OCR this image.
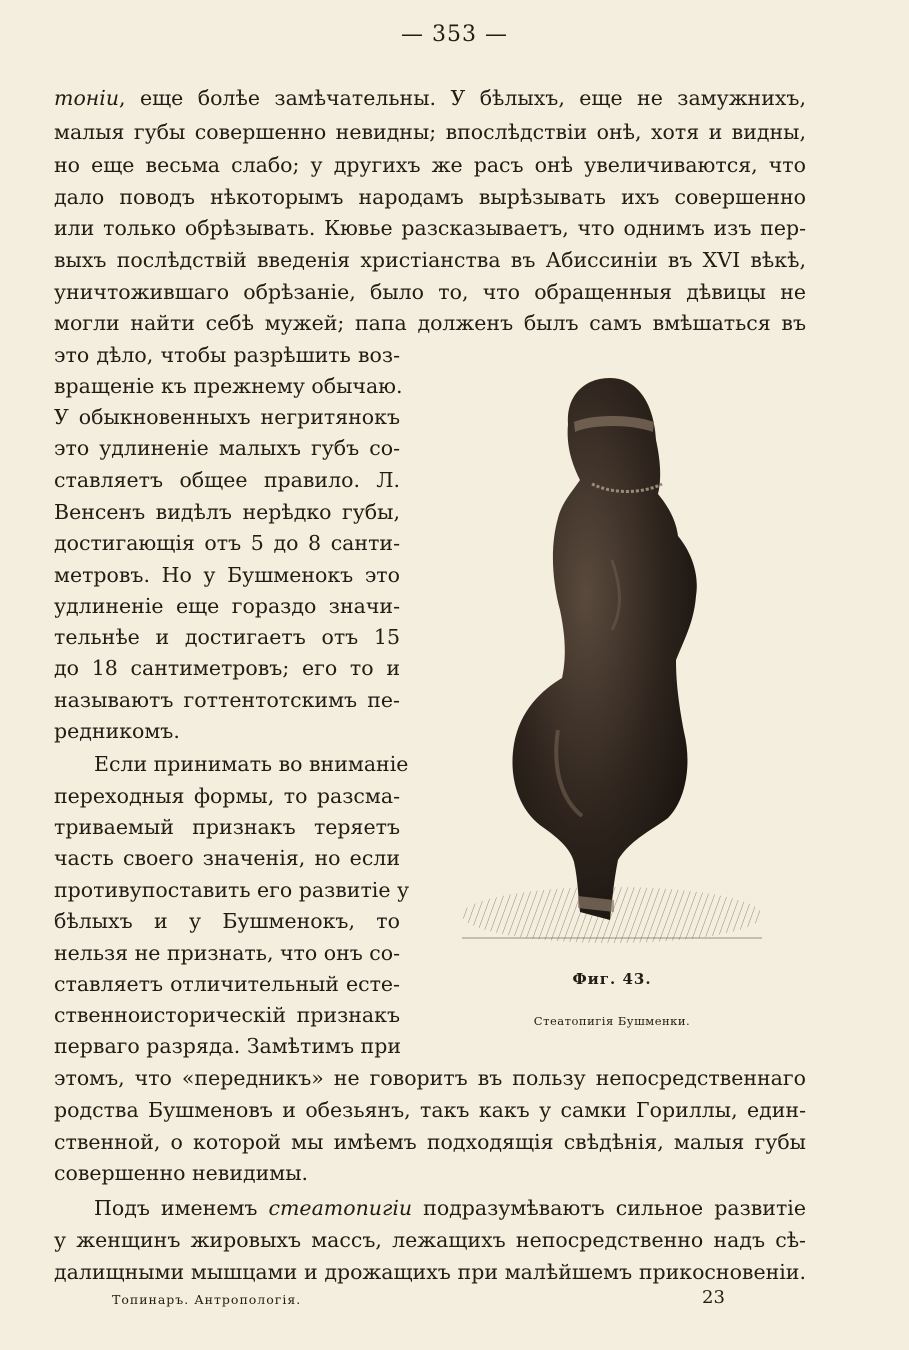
— 353 —
тонiи, еще болѣе замѣчательны. У бѣлыхъ, еще не замужнихъ,
малыя губы совершенно невидны; впослѣдствiи онѣ, хотя и видны,
но еще весьма слабо; у другихъ же расъ онѣ увеличиваются, что
дало поводъ нѣкоторымъ народамъ вырѣзывать ихъ совершенно
или только обрѣзывать. Кювье разсказываетъ, что однимъ изъ пер-
выхъ послѣдствiй введенiя христiанства въ Абиссинiи въ XVI вѣкѣ,
уничтожившаго обрѣзанiе, было то, что обращенныя дѣвицы не
могли найти себѣ мужей; папа долженъ былъ самъ вмѣшаться въ
это дѣло, чтобы разрѣшить воз-
вращенiе къ прежнему обычаю.
У обыкновенныхъ негритянокъ
это удлиненiе малыхъ губъ со-
ставляетъ общее правило. Л.
Венсенъ видѣлъ нерѣдко губы,
достигающiя отъ 5 до 8 санти-
метровъ. Но у Бушменокъ это
удлиненiе еще гораздо значи-
тельнѣе и достигаетъ отъ 15
до 18 сантиметровъ; его то и
называютъ готтентотскимъ пе-
редникомъ.
Если принимать во вниманiе
переходныя формы, то разсма-
триваемый признакъ теряетъ
часть своего значенiя, но если
противупоставить его развитiе у
бѣлыхъ и у Бушменокъ, то
нельзя не признать, что онъ со-
ставляетъ отличительный есте-
ственноисторическiй признакъ
перваго разряда. Замѣтимъ при
этомъ, что «передникъ» не говоритъ въ пользу непосредственнаго
родства Бушменовъ и обезьянъ, такъ какъ у самки Гориллы, един-
ственной, о которой мы имѣемъ подходящiя свѣдѣнiя, малыя губы
совершенно невидимы.
Подъ именемъ стеатопигiи подразумѣваютъ сильное развитiе
у женщинъ жировыхъ массъ, лежащихъ непосредственно надъ сѣ-
далищными мышцами и дрожащихъ при малѣйшемъ прикосновенiи.
Фиг. 43.
Стеатопигiя Бушменки.
Топинаръ. Антропологiя.	23
